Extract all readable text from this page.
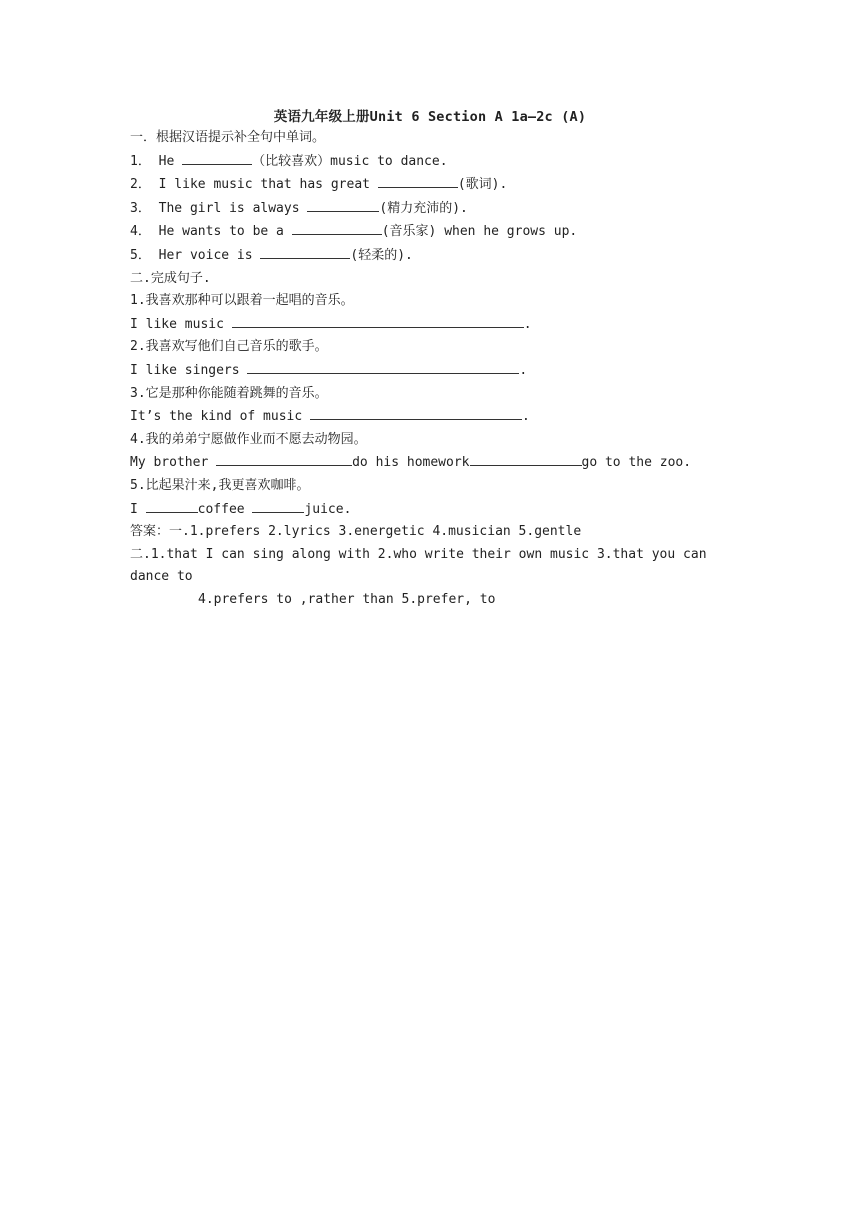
英语九年级上册Unit 6 Section A 1a—2c (A)
一．根据汉语提示补全句中单词。
1． He	（比较喜欢）music to dance.
2． I like music that has great	(歌词).
3． The girl is always	(精力充沛的).
4． He wants to be a	(音乐家) when he grows up.
5． Her voice is	(轻柔的).
二.完成句子.
1.我喜欢那种可以跟着一起唱的音乐。
I like music	.
2.我喜欢写他们自己音乐的歌手。
I like singers	.
3.它是那种你能随着跳舞的音乐。
It’s the kind of music	.
4.我的弟弟宁愿做作业而不愿去动物园。
My brother	do his homework	go to the zoo.
5.比起果汁来,我更喜欢咖啡。
I	coffee	juice.
答案：一.1.prefers 2.lyrics 3.energetic 4.musician 5.gentle
二.1.that I can sing along with 2.who write their own music 3.that you can dance to
4.prefers to ,rather than 5.prefer, to
